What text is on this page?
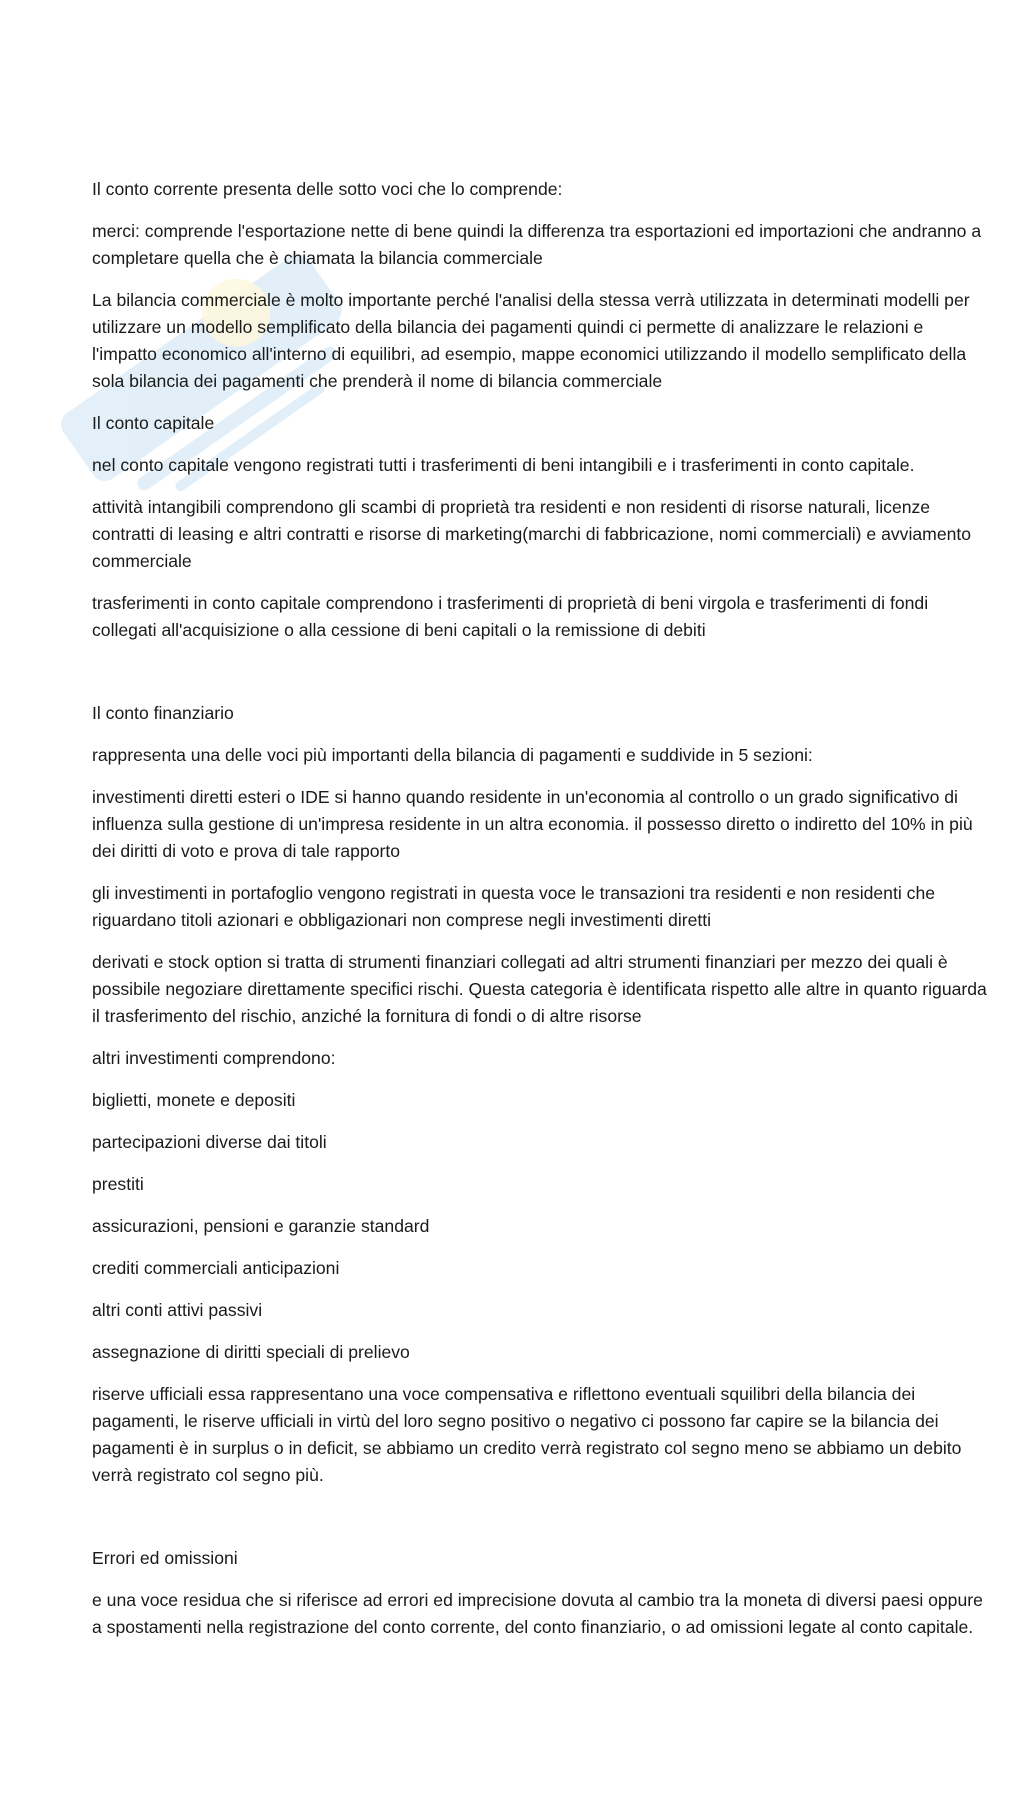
Il conto corrente presenta delle sotto voci che lo comprende:

merci: comprende l'esportazione nette di bene quindi la differenza tra esportazioni ed importazioni che andranno a completare quella che è chiamata la bilancia commerciale

La bilancia commerciale è molto importante perché l'analisi della stessa verrà utilizzata in determinati modelli per utilizzare un modello semplificato della bilancia dei pagamenti quindi ci permette di analizzare le relazioni e l'impatto economico all'interno di equilibri, ad esempio, mappe economici utilizzando il modello semplificato della sola bilancia dei pagamenti che prenderà il nome di bilancia commerciale

Il conto capitale

nel conto capitale vengono registrati tutti i trasferimenti di beni intangibili e i trasferimenti in conto capitale.

attività intangibili comprendono gli scambi di proprietà tra residenti e non residenti di risorse naturali, licenze contratti di leasing e altri contratti e risorse di marketing(marchi di fabbricazione, nomi commerciali) e avviamento commerciale

trasferimenti in conto capitale comprendono i trasferimenti di proprietà di beni virgola e trasferimenti di fondi collegati all'acquisizione o alla cessione di beni capitali o la remissione di debiti

Il conto finanziario

rappresenta una delle voci più importanti della bilancia di pagamenti e suddivide in 5 sezioni:

investimenti diretti esteri o IDE si hanno quando residente in un'economia al controllo o un grado significativo di influenza sulla gestione di un'impresa residente in un altra economia. il possesso diretto o indiretto del 10% in più dei diritti di voto e prova di tale rapporto

gli investimenti in portafoglio vengono registrati in questa voce le transazioni tra residenti e non residenti che riguardano titoli azionari e obbligazionari non comprese negli investimenti diretti

derivati e stock option si tratta di strumenti finanziari collegati ad altri strumenti finanziari per mezzo dei quali è possibile negoziare direttamente specifici rischi. Questa categoria è identificata rispetto alle altre in quanto riguarda il trasferimento del rischio, anziché la fornitura di fondi o di altre risorse

altri investimenti comprendono:

biglietti, monete e depositi

partecipazioni diverse dai titoli

prestiti

assicurazioni, pensioni e garanzie standard

crediti commerciali anticipazioni

altri conti attivi passivi

assegnazione di diritti speciali di prelievo

riserve ufficiali essa rappresentano una voce compensativa e riflettono eventuali squilibri della bilancia dei pagamenti, le riserve ufficiali in virtù del loro segno positivo o negativo ci possono far capire se la bilancia dei pagamenti è in surplus o in deficit, se abbiamo un credito verrà registrato col segno meno se abbiamo un debito verrà registrato col segno più.

Errori ed omissioni

e una voce residua che si riferisce ad errori ed imprecisione dovuta al cambio tra la moneta di diversi paesi oppure a spostamenti nella registrazione del conto corrente, del conto finanziario, o ad omissioni legate al conto capitale.
